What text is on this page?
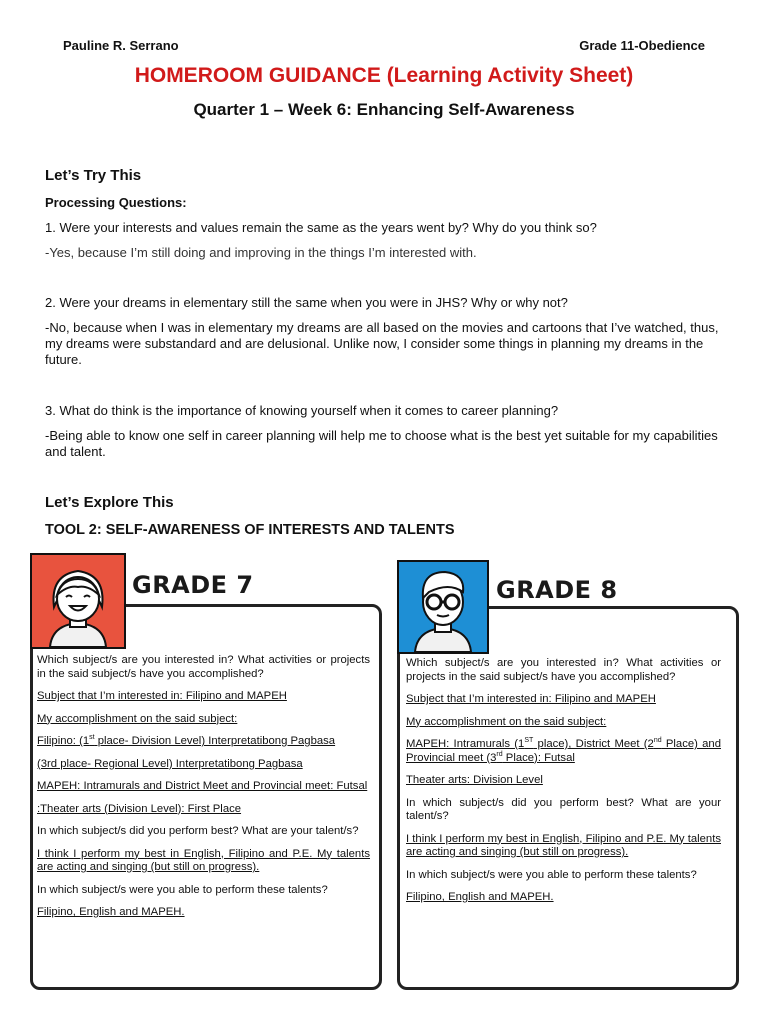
Pauline R. Serrano	Grade 11-Obedience
HOMEROOM GUIDANCE (Learning Activity Sheet)
Quarter 1 – Week 6: Enhancing Self-Awareness
Let’s Try This
Processing Questions:
1. Were your interests and values remain the same as the years went by? Why do you think so?
-Yes, because I’m still doing and improving in the things I’m interested with.
2. Were your dreams in elementary still the same when you were in JHS? Why or why not?
-No, because when I was in elementary my dreams are all based on the movies and cartoons that I’ve watched, thus, my dreams were substandard and are delusional. Unlike now, I consider some things in planning my dreams in the future.
3. What do think is the importance of knowing yourself when it comes to career planning?
-Being able to know one self in career planning will help me to choose what is the best yet suitable for my capabilities and talent.
Let’s Explore This
TOOL 2: SELF-AWARENESS OF INTERESTS AND TALENTS
GRADE 7

Which subject/s are you interested in? What activities or projects in the said subject/s have you accomplished?

Subject that I’m interested in: Filipino and MAPEH

My accomplishment on the said subject:

Filipino: (1st place- Division Level) Interpretatibong Pagbasa

(3rd place- Regional Level) Interpretatibong Pagbasa

MAPEH: Intramurals and District Meet and Provincial meet: Futsal

:Theater arts (Division Level): First Place

In which subject/s did you perform best? What are your talent/s?

I think I perform my best in English, Filipino and P.E. My talents are acting and singing (but still on progress).

In which subject/s were you able to perform these talents?

Filipino, English and MAPEH.

GRADE 8

Which subject/s are you interested in? What activities or projects in the said subject/s have you accomplished?

Subject that I’m interested in: Filipino and MAPEH

My accomplishment on the said subject:

MAPEH: Intramurals (1ST place), District Meet (2nd Place) and Provincial meet (3rd Place): Futsal

Theater arts: Division Level

In which subject/s did you perform best? What are your talent/s?

I think I perform my best in English, Filipino and P.E. My talents are acting and singing (but still on progress).

In which subject/s were you able to perform these talents?

Filipino, English and MAPEH.
